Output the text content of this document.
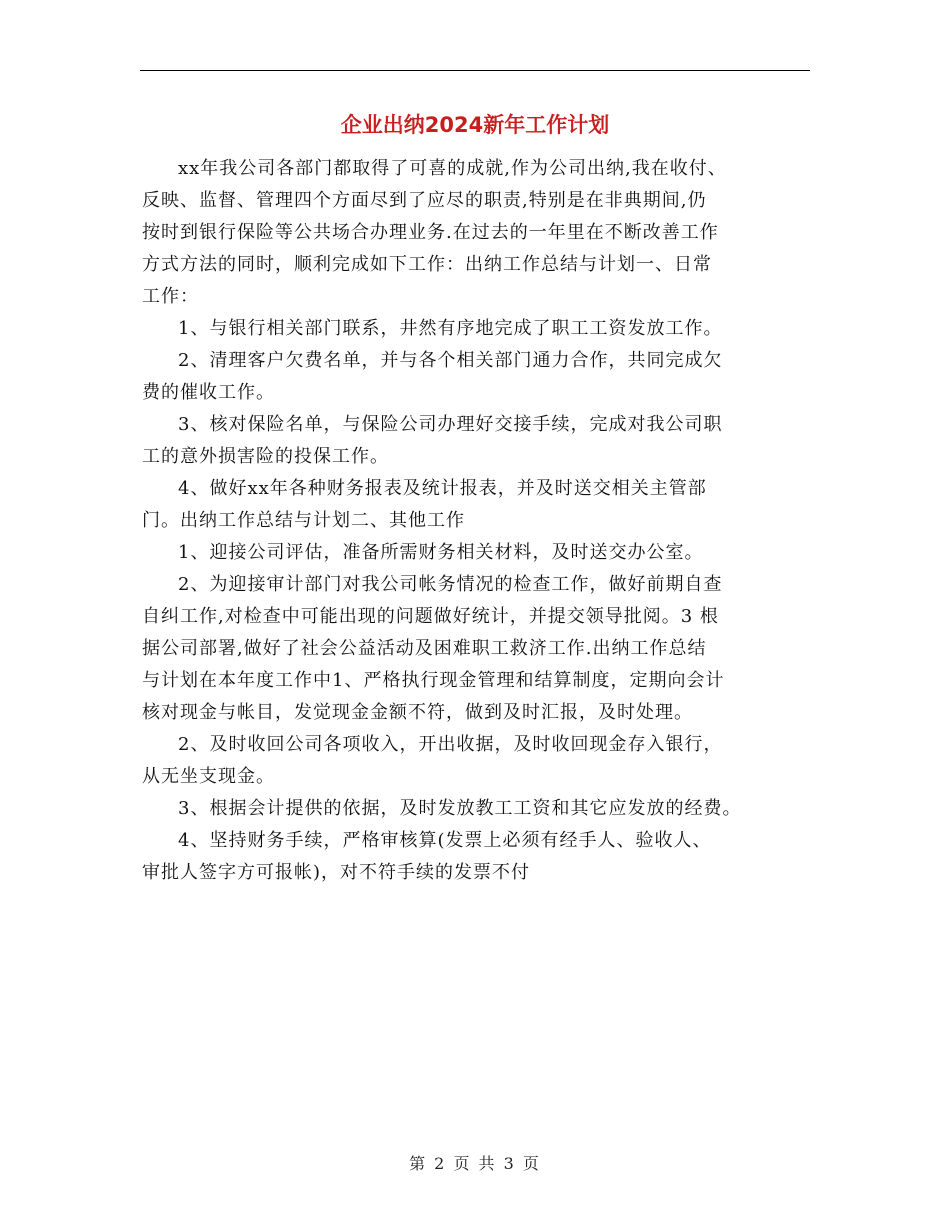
企业出纳2024新年工作计划

xx年我公司各部门都取得了可喜的成就,作为公司出纳,我在收付、
反映、监督、管理四个方面尽到了应尽的职责,特别是在非典期间,仍
按时到银行保险等公共场合办理业务.在过去的一年里在不断改善工作
方式方法的同时，顺利完成如下工作：出纳工作总结与计划一、日常
工作：

1、与银行相关部门联系，井然有序地完成了职工工资发放工作。

2、清理客户欠费名单，并与各个相关部门通力合作，共同完成欠
费的催收工作。

3、核对保险名单，与保险公司办理好交接手续，完成对我公司职
工的意外损害险的投保工作。

4、做好xx年各种财务报表及统计报表，并及时送交相关主管部
门。出纳工作总结与计划二、其他工作

1、迎接公司评估，准备所需财务相关材料，及时送交办公室。

2、为迎接审计部门对我公司帐务情况的检查工作，做好前期自查
自纠工作,对检查中可能出现的问题做好统计，并提交领导批阅。3 根
据公司部署,做好了社会公益活动及困难职工救济工作.出纳工作总结
与计划在本年度工作中1、严格执行现金管理和结算制度，定期向会计
核对现金与帐目，发觉现金金额不符，做到及时汇报，及时处理。

2、及时收回公司各项收入，开出收据，及时收回现金存入银行，
从无坐支现金。

3、根据会计提供的依据，及时发放教工工资和其它应发放的经费。

4、坚持财务手续，严格审核算(发票上必须有经手人、验收人、
审批人签字方可报帐)，对不符手续的发票不付

第 2 页 共 3 页
